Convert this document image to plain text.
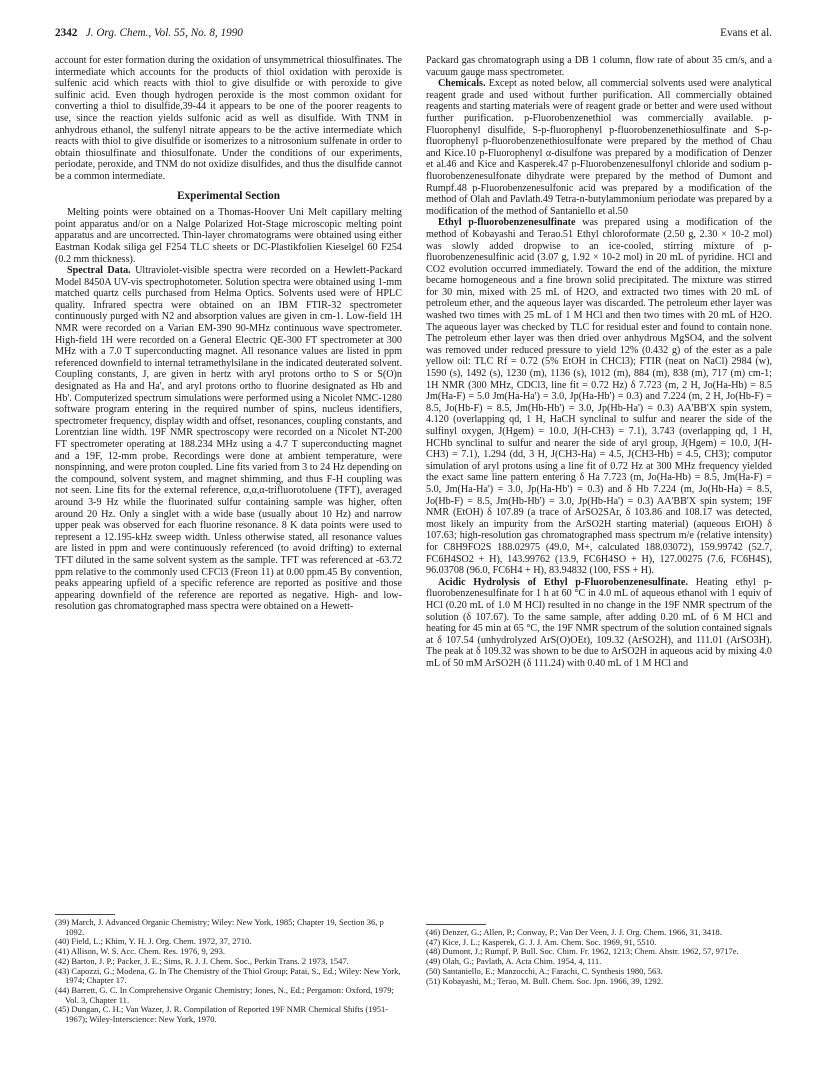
2342 J. Org. Chem., Vol. 55, No. 8, 1990	Evans et al.

account for ester formation during the oxidation of unsymmetrical thiosulfinates. The intermediate which accounts for the products of thiol oxidation with peroxide is sulfenic acid which reacts with thiol to give disulfide or with peroxide to give sulfinic acid. Even though hydrogen peroxide is the most common oxidant for converting a thiol to disulfide,39-44 it appears to be one of the poorer reagents to use, since the reaction yields sulfonic acid as well as disulfide. With TNM in anhydrous ethanol, the sulfenyl nitrate appears to be the active intermediate which reacts with thiol to give disulfide or isomerizes to a nitrosonium sulfenate in order to obtain thiosulfinate and thiosulfonate. Under the conditions of our experiments, periodate, peroxide, and TNM do not oxidize disulfides, and thus the disulfide cannot be a common intermediate.

Experimental Section

Melting points were obtained on a Thomas-Hoover Uni Melt capillary melting point apparatus and/or on a Nalge Polarized Hot-Stage microscopic melting point apparatus and are uncorrected. Thin-layer chromatograms were obtained using either Eastman Kodak siliga gel F254 TLC sheets or DC-Plastikfolien Kieselgel 60 F254 (0.2 mm thickness).

Spectral Data. Ultraviolet-visible spectra were recorded on a Hewlett-Packard Model 8450A UV-vis spectrophotometer. Solution spectra were obtained using 1-mm matched quartz cells purchased from Helma Optics. Solvents used were of HPLC quality. Infrared spectra were obtained on an IBM FTIR-32 spectrometer continuously purged with N2 and absorption values are given in cm-1. Low-field 1H NMR were recorded on a Varian EM-390 90-MHz continuous wave spectrometer. High-field 1H were recorded on a General Electric QE-300 FT spectrometer at 300 MHz with a 7.0 T superconducting magnet. All resonance values are listed in ppm referenced downfield to internal tetramethylsilane in the indicated deuterated solvent. Coupling constants, J, are given in hertz with aryl protons ortho to S or S(O)n designated as Ha and Ha', and aryl protons ortho to fluorine designated as Hb and Hb'. Computerized spectrum simulations were performed using a Nicolet NMC-1280 software program entering in the required number of spins, nucleus identifiers, spectrometer frequency, display width and offset, resonances, coupling constants, and Lorentzian line width. 19F NMR spectroscopy were recorded on a Nicolet NT-200 FT spectrometer operating at 188.234 MHz using a 4.7 T superconducting magnet and a 19F, 12-mm probe. Recordings were done at ambient temperature, were nonspinning, and were proton coupled. Line fits varied from 3 to 24 Hz depending on the compound, solvent system, and magnet shimming, and thus F-H coupling was not seen. Line fits for the external reference, α,α,α-trifluorotoluene (TFT), averaged around 3-9 Hz while the fluorinated sulfur containing sample was higher, often around 20 Hz. Only a singlet with a wide base (usually about 10 Hz) and narrow upper peak was observed for each fluorine resonance. 8 K data points were used to represent a 12.195-kHz sweep width. Unless otherwise stated, all resonance values are listed in ppm and were continuously referenced (to avoid drifting) to external TFT diluted in the same solvent system as the sample. TFT was referenced at -63.72 ppm relative to the commonly used CFCl3 (Freon 11) at 0.00 ppm.45 By convention, peaks appearing upfield of a specific reference are reported as positive and those appearing downfield of the reference are reported as negative. High- and low-resolution gas chromatographed mass spectra were obtained on a Hewett-

Packard gas chromatograph using a DB 1 column, flow rate of about 35 cm/s, and a vacuum gauge mass spectrometer.

Chemicals. Except as noted below, all commercial solvents used were analytical reagent grade and used without further purification. All commercially obtained reagents and starting materials were of reagent grade or better and were used without further purification. p-Fluorobenzenethiol was commercially available. p-Fluorophenyl disulfide, S-p-fluorophenyl p-fluorobenzenethiosulfinate and S-p-fluorophenyl p-fluorobenzenethiosulfonate were prepared by the method of Chau and Kice.10 p-Fluorophenyl α-disulfone was prepared by a modification of Denzer et al.46 and Kice and Kasperek.47 p-Fluorobenzenesulfonyl chloride and sodium p-fluorobenzenesulfonate dihydrate were prepared by the method of Dumont and Rumpf.48 p-Fluorobenzenesulfonic acid was prepared by a modification of the method of Olah and Pavlath.49 Tetra-n-butylammonium periodate was prepared by a modification of the method of Santaniello et al.50

Ethyl p-fluorobenzenesulfinate was prepared using a modification of the method of Kobayashi and Terao.51 Ethyl chloroformate (2.50 g, 2.30 × 10-2 mol) was slowly added dropwise to an ice-cooled, stirring mixture of p-fluorobenzenesulfinic acid (3.07 g, 1.92 × 10-2 mol) in 20 mL of pyridine. HCl and CO2 evolution occurred immediately. Toward the end of the addition, the mixture became homogeneous and a fine brown solid precipitated. The mixture was stirred for 30 min, mixed with 25 mL of H2O, and extracted two times with 20 mL of petroleum ether, and the aqueous layer was discarded. The petroleum ether layer was washed two times with 25 mL of 1 M HCl and then two times with 20 mL of H2O. The aqueous layer was checked by TLC for residual ester and found to contain none. The petroleum ether layer was then dried over anhydrous MgSO4, and the solvent was removed under reduced pressure to yield 12% (0.432 g) of the ester as a pale yellow oil: TLC Rf = 0.72 (5% EtOH in CHCl3); FTIR (neat on NaCl) 2984 (w), 1590 (s), 1492 (s), 1230 (m), 1136 (s), 1012 (m), 884 (m), 838 (m), 717 (m) cm-1; 1H NMR (300 MHz, CDCl3, line fit = 0.72 Hz) δ 7.723 (m, 2 H, Jo(Ha-Hb) = 8.5 Jm(Ha-F) = 5.0 Jm(Ha-Ha') = 3.0, Jp(Ha-Hb') = 0.3) and 7.224 (m, 2 H, Jo(Hb-F) = 8.5, Jo(Hb-F) = 8.5, Jm(Hb-Hb') = 3.0, Jp(Hb-Ha') = 0.3) AA'BB'X spin system, 4.120 (overlapping qd, 1 H, HaCH synclinal to sulfur and nearer the side of the sulfinyl oxygen, J(Hgem) = 10.0, J(H-CH3) = 7.1), 3.743 (overlapping qd, 1 H, HCHb synclinal to sulfur and nearer the side of aryl group, J(Hgem) = 10.0, J(H-CH3) = 7.1), 1.294 (dd, 3 H, J(CH3-Ha) = 4.5, J(CH3-Hb) = 4.5, CH3); computor simulation of aryl protons using a line fit of 0.72 Hz at 300 MHz frequency yielded the exact same line pattern entering δ Ha 7.723 (m, Jo(Ha-Hb) = 8.5, Jm(Ha-F) = 5.0, Jm(Ha-Ha') = 3.0, Jp(Ha-Hb') = 0.3) and δ Hb 7.224 (m, Jo(Hb-Ha) = 8.5, Jo(Hb-F) = 8.5, Jm(Hb-Hb') = 3.0, Jp(Hb-Ha') = 0.3) AA'BB'X spin system; 19F NMR (EtOH) δ 107.89 (a trace of ArSO2SAr, δ 103.86 and 108.17 was detected, most likely an impurity from the ArSO2H starting material) (aqueous EtOH) δ 107.63; high-resolution gas chromatographed mass spectrum m/e (relative intensity) for C8H9FO2S 188.02975 (49.0, M+, calculated 188.03072), 159.99742 (52.7, FC6H4SO2 + H), 143.99762 (13.9, FC6H4SO + H), 127.00275 (7.6, FC6H4S), 96.03708 (96.0, FC6H4 + H), 83.94832 (100, FSS + H).

Acidic Hydrolysis of Ethyl p-Fluorobenzenesulfinate. Heating ethyl p-fluorobenzenesulfinate for 1 h at 60 °C in 4.0 mL of aqueous ethanol with 1 equiv of HCl (0.20 mL of 1.0 M HCl) resulted in no change in the 19F NMR spectrum of the solution (δ 107.67). To the same sample, after adding 0.20 mL of 6 M HCl and heating for 45 min at 65 °C, the 19F NMR spectrum of the solution contained signals at δ 107.54 (unhydrolyzed ArS(O)OEt), 109.32 (ArSO2H), and 111.01 (ArSO3H). The peak at δ 109.32 was shown to be due to ArSO2H in aqueous acid by mixing 4.0 mL of 50 mM ArSO2H (δ 111.24) with 0.40 mL of 1 M HCl and

(39) March, J. Advanced Organic Chemistry; Wiley: New York, 1985; Chapter 19, Section 36, p 1092.
(40) Field, L.; Khim, Y. H. J. Org. Chem. 1972, 37, 2710.
(41) Allison, W. S. Acc. Chem. Res. 1976, 9, 293.
(42) Barton, J. P.; Packer, J. E.; Sims, R. J. J. Chem. Soc., Perkin Trans. 2 1973, 1547.
(43) Capozzi, G.; Modena, G. In The Chemistry of the Thiol Group; Patai, S., Ed.; Wiley: New York, 1974; Chapter 17.
(44) Barrett, G. C. In Comprehensive Organic Chemistry; Jones, N., Ed.; Pergamon: Oxford, 1979; Vol. 3, Chapter 11.
(45) Dungan, C. H.; Van Wazer, J. R. Compilation of Reported 19F NMR Chemical Shifts (1951-1967); Wiley-Interscience: New York, 1970.
(46) Denzer, G.; Allen, P.; Conway, P.; Van Der Veen, J. J. Org. Chem. 1966, 31, 3418.
(47) Kice, J. L.; Kasperek, G. J. J. Am. Chem. Soc. 1969, 91, 5510.
(48) Dumont, J.; Rumpf, P. Bull. Soc. Chim. Fr. 1962, 1213; Chem. Abstr. 1962, 57, 9717e.
(49) Olah, G.; Pavlath, A. Acta Chim. 1954, 4, 111.
(50) Santaniello, E.; Manzocchi, A.; Farachi, C. Synthesis 1980, 563.
(51) Kobayashi, M.; Terao, M. Bull. Chem. Soc. Jpn. 1966, 39, 1292.
